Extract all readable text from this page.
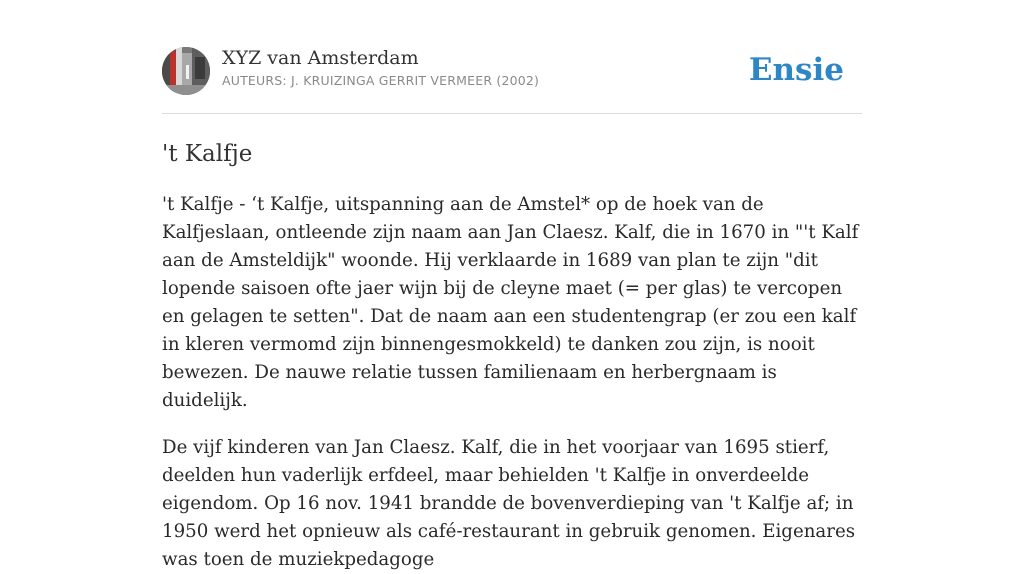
XYZ van Amsterdam
AUTEURS: J. KRUIZINGA GERRIT VERMEER (2002)	Ensie
't Kalfje

't Kalfje - ‘t Kalfje, uitspanning aan de Amstel* op de hoek van de Kalfjeslaan, ontleende zijn naam aan Jan Claesz. Kalf, die in 1670 in "'t Kalf aan de Amsteldijk" woonde. Hij verklaarde in 1689 van plan te zijn "dit lopende saisoen ofte jaer wijn bij de cleyne maet (= per glas) te vercopen en gelagen te setten". Dat de naam aan een studentengrap (er zou een kalf in kleren vermomd zijn binnengesmokkeld) te danken zou zijn, is nooit bewezen. De nauwe relatie tussen familienaam en herbergnaam is duidelijk.

De vijf kinderen van Jan Claesz. Kalf, die in het voorjaar van 1695 stierf, deelden hun vaderlijk erfdeel, maar behielden 't Kalfje in onverdeelde eigendom. Op 16 nov. 1941 brandde de bovenverdieping van 't Kalfje af; in 1950 werd het opnieuw als café-restaurant in gebruik genomen. Eigenares was toen de muziekpedagoge
